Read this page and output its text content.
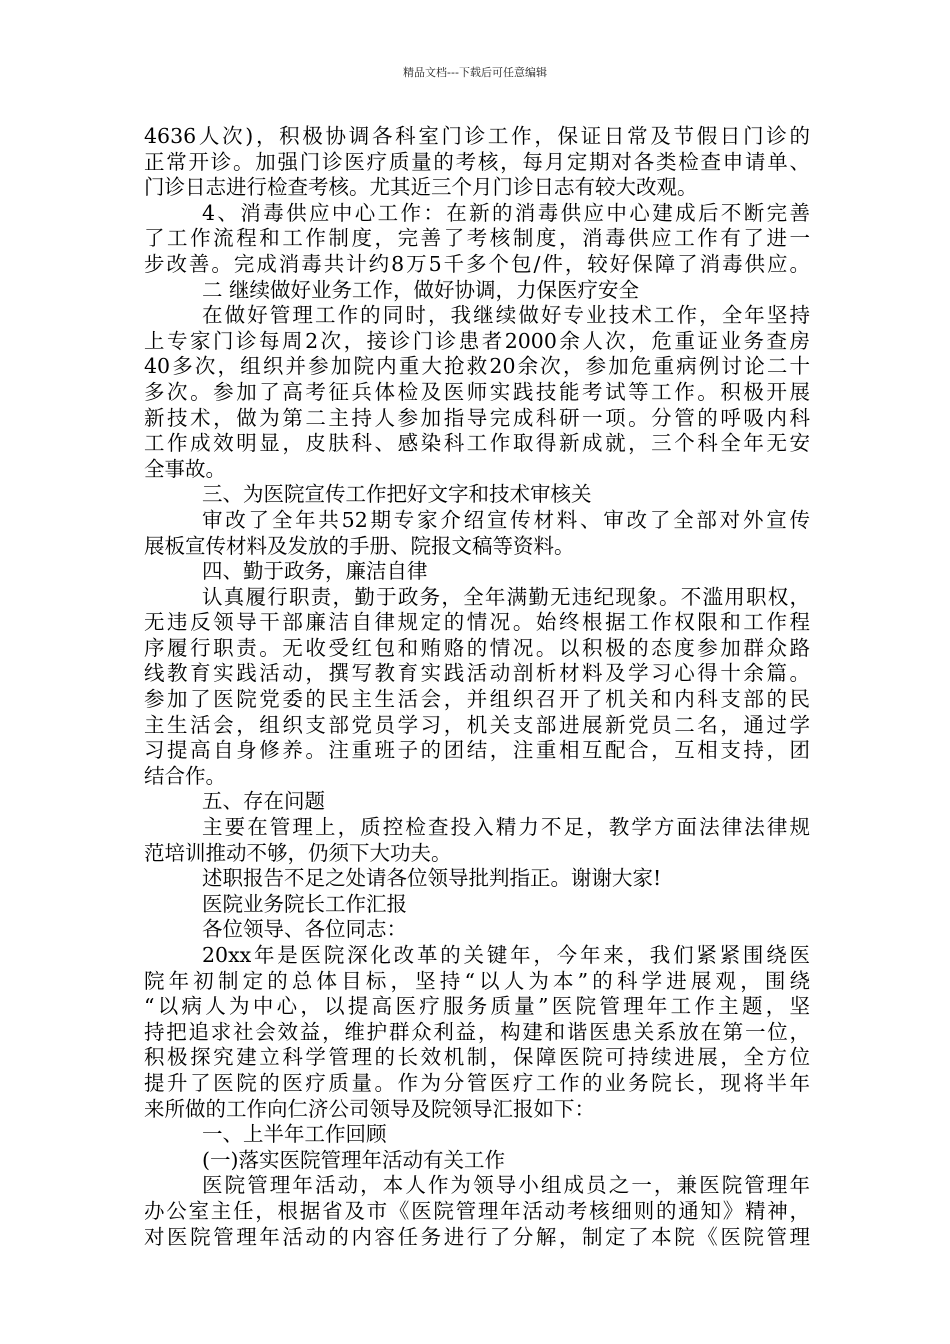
精品文档---下载后可任意编辑
4636人次)，积极协调各科室门诊工作，保证日常及节假日门诊的
正常开诊。加强门诊医疗质量的考核，每月定期对各类检查申请单、
门诊日志进行检查考核。尤其近三个月门诊日志有较大改观。
4、消毒供应中心工作：在新的消毒供应中心建成后不断完善
了工作流程和工作制度，完善了考核制度，消毒供应工作有了进一
步改善。完成消毒共计约8万5千多个包/件，较好保障了消毒供应。
二 继续做好业务工作，做好协调，力保医疗安全
在做好管理工作的同时，我继续做好专业技术工作，全年坚持
上专家门诊每周2次，接诊门诊患者2000余人次，危重证业务查房
40多次，组织并参加院内重大抢救20余次，参加危重病例讨论二十
多次。参加了高考征兵体检及医师实践技能考试等工作。积极开展
新技术，做为第二主持人参加指导完成科研一项。分管的呼吸内科
工作成效明显，皮肤科、感染科工作取得新成就，三个科全年无安
全事故。
三、为医院宣传工作把好文字和技术审核关
审改了全年共52期专家介绍宣传材料、审改了全部对外宣传
展板宣传材料及发放的手册、院报文稿等资料。
四、勤于政务，廉洁自律
认真履行职责，勤于政务，全年满勤无违纪现象。不滥用职权，
无违反领导干部廉洁自律规定的情况。始终根据工作权限和工作程
序履行职责。无收受红包和贿赂的情况。以积极的态度参加群众路
线教育实践活动，撰写教育实践活动剖析材料及学习心得十余篇。
参加了医院党委的民主生活会，并组织召开了机关和内科支部的民
主生活会，组织支部党员学习，机关支部进展新党员二名，通过学
习提高自身修养。注重班子的团结，注重相互配合，互相支持，团
结合作。
五、存在问题
主要在管理上，质控检查投入精力不足，教学方面法律法律规
范培训推动不够，仍须下大功夫。
述职报告不足之处请各位领导批判指正。谢谢大家!
医院业务院长工作汇报
各位领导、各位同志：
20xx年是医院深化改革的关键年，今年来，我们紧紧围绕医
院年初制定的总体目标，坚持“以人为本”的科学进展观，围绕
“以病人为中心，以提高医疗服务质量”医院管理年工作主题，坚
持把追求社会效益，维护群众利益，构建和谐医患关系放在第一位，
积极探究建立科学管理的长效机制，保障医院可持续进展，全方位
提升了医院的医疗质量。作为分管医疗工作的业务院长，现将半年
来所做的工作向仁济公司领导及院领导汇报如下：
一、上半年工作回顾
(一)落实医院管理年活动有关工作
医院管理年活动，本人作为领导小组成员之一，兼医院管理年
办公室主任，根据省及市《医院管理年活动考核细则的通知》精神，
对医院管理年活动的内容任务进行了分解，制定了本院《医院管理
